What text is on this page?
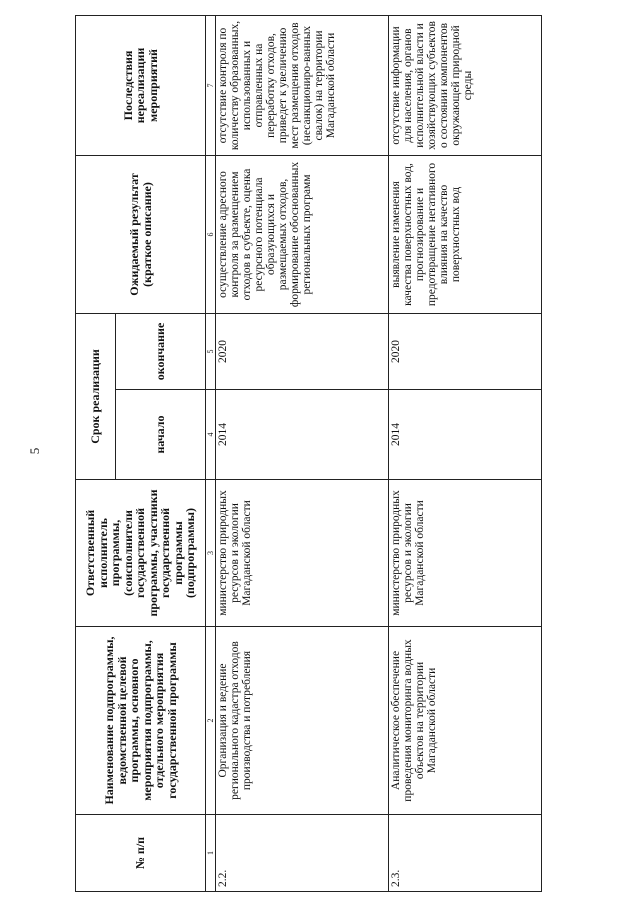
5
№ п/п	Наименование подпрограммы, ведомственной целевой программы, основного мероприятия подпрограммы, отдельного мероприятия государственной программы	Ответственный исполнитель программы, (соисполнители государственной программы, участники государственной программы (подпрограммы)	Срок реализации		Ожидаемый результат (краткое описание)	Последствия нереализации мероприятий
			начало	окончание		
1	2	3	4	5	6	7
2.2.	Организация и ведение регионального кадастра отходов производства и потребления	министерство природных ресурсов и экологии Магаданской области	2014	2020	осуществление адресного контроля за размещением отходов в субъекте, оценка ресурсного потенциала образующихся и размещаемых отходов, формирование обоснованных региональных программ	отсутствие контроля по количеству образованных, использованных и отправленных на переработку отходов, приведет к увеличению мест размещения отходов (несанкциониро-ванных свалок) на территории Магаданской области
2.3.	Аналитическое обеспечение проведения мониторинга водных объектов на территории Магаданской области	министерство природных ресурсов и экологии Магаданской области	2014	2020	выявление изменения качества поверхностных вод, прогнозирование и предотвращение негативного влияния на качество поверхностных вод	отсутствие информации для населения, органов исполнительной власти и хозяйствующих субъектов о состоянии компонентов окружающей природной среды
